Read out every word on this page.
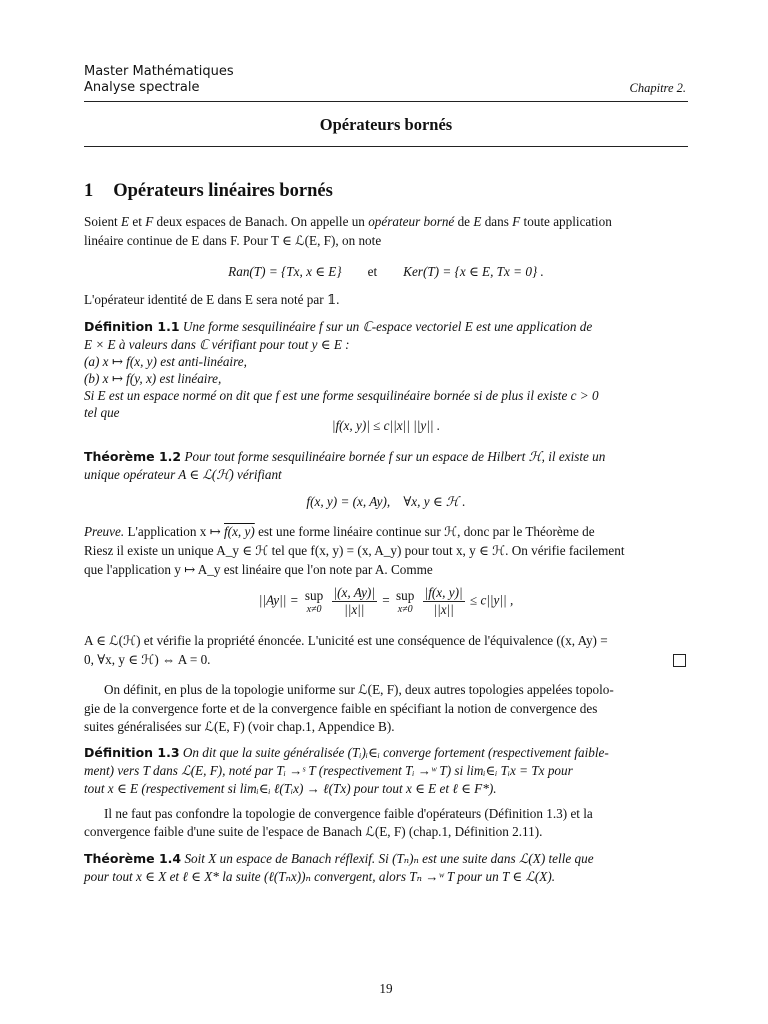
Master Mathématiques
Analyse spectrale	Chapitre 2.
Opérateurs bornés
1 Opérateurs linéaires bornés
Soient E et F deux espaces de Banach. On appelle un opérateur borné de E dans F toute application
linéaire continue de E dans F. Pour T ∈ ℒ(E, F), on note
Ran(T) = {Tx, x ∈ E} et Ker(T) = {x ∈ E, Tx = 0} .
L'opérateur identité de E dans E sera noté par 𝟙.
Définition 1.1 Une forme sesquilinéaire f sur un ℂ-espace vectoriel E est une application de
E × E à valeurs dans ℂ vérifiant pour tout y ∈ E :
(a) x ↦ f(x, y) est anti-linéaire,
(b) x ↦ f(y, x) est linéaire,
Si E est un espace normé on dit que f est une forme sesquilinéaire bornée si de plus il existe c > 0
tel que
|f(x, y)| ≤ c||x|| ||y|| .
Théorème 1.2 Pour tout forme sesquilinéaire bornée f sur un espace de Hilbert ℋ, il existe un
unique opérateur A ∈ ℒ(ℋ) vérifiant
f(x, y) = (x, Ay),    ∀x, y ∈ ℋ .
Preuve. L'application x ↦ f(x, y) est une forme linéaire continue sur ℋ, donc par le Théorème de
Riesz il existe un unique A_y ∈ ℋ tel que f(x, y) = (x, A_y) pour tout x, y ∈ ℋ. On vérifie facilement
que l'application y ↦ A_y est linéaire que l'on note par A. Comme
||Ay|| = sup
x≠0
$\frac{|(x, Ay)|}{||x||}$ = sup
x≠0
$\frac{|f(x, y)|}{||x||} \le c||y||$ ,
A ∈ ℒ(ℋ) et vérifie la propriété énoncée. L'unicité est une conséquence de l'équivalence ((x, Ay) =
0, ∀x, y ∈ ℋ) ⇔ A = 0.
On définit, en plus de la topologie uniforme sur ℒ(E, F), deux autres topologies appelées topolo-
gie de la convergence forte et de la convergence faible en spécifiant la notion de convergence des
suites généralisées sur ℒ(E, F) (voir chap.1, Appendice B).
Définition 1.3 On dit que la suite généralisée (Tᵢ)ᵢ∈ᵢ converge fortement (respectivement faible-
ment) vers T dans ℒ(E, F), noté par Tᵢ →ˢ T (respectivement Tᵢ →ʷ T) si limᵢ∈ᵢ Tᵢx = Tx pour
tout x ∈ E (respectivement si limᵢ∈ᵢ ℓ(Tᵢx) → ℓ(Tx) pour tout x ∈ E et ℓ ∈ F*).
Il ne faut pas confondre la topologie de convergence faible d'opérateurs (Définition 1.3) et la
convergence faible d'une suite de l'espace de Banach ℒ(E, F) (chap.1, Définition 2.11).
Théorème 1.4 Soit X un espace de Banach réflexif. Si (Tₙ)ₙ est une suite dans ℒ(X) telle que
pour tout x ∈ X et ℓ ∈ X* la suite (ℓ(Tₙx))ₙ convergent, alors Tₙ →ʷ T pour un T ∈ ℒ(X).
19
